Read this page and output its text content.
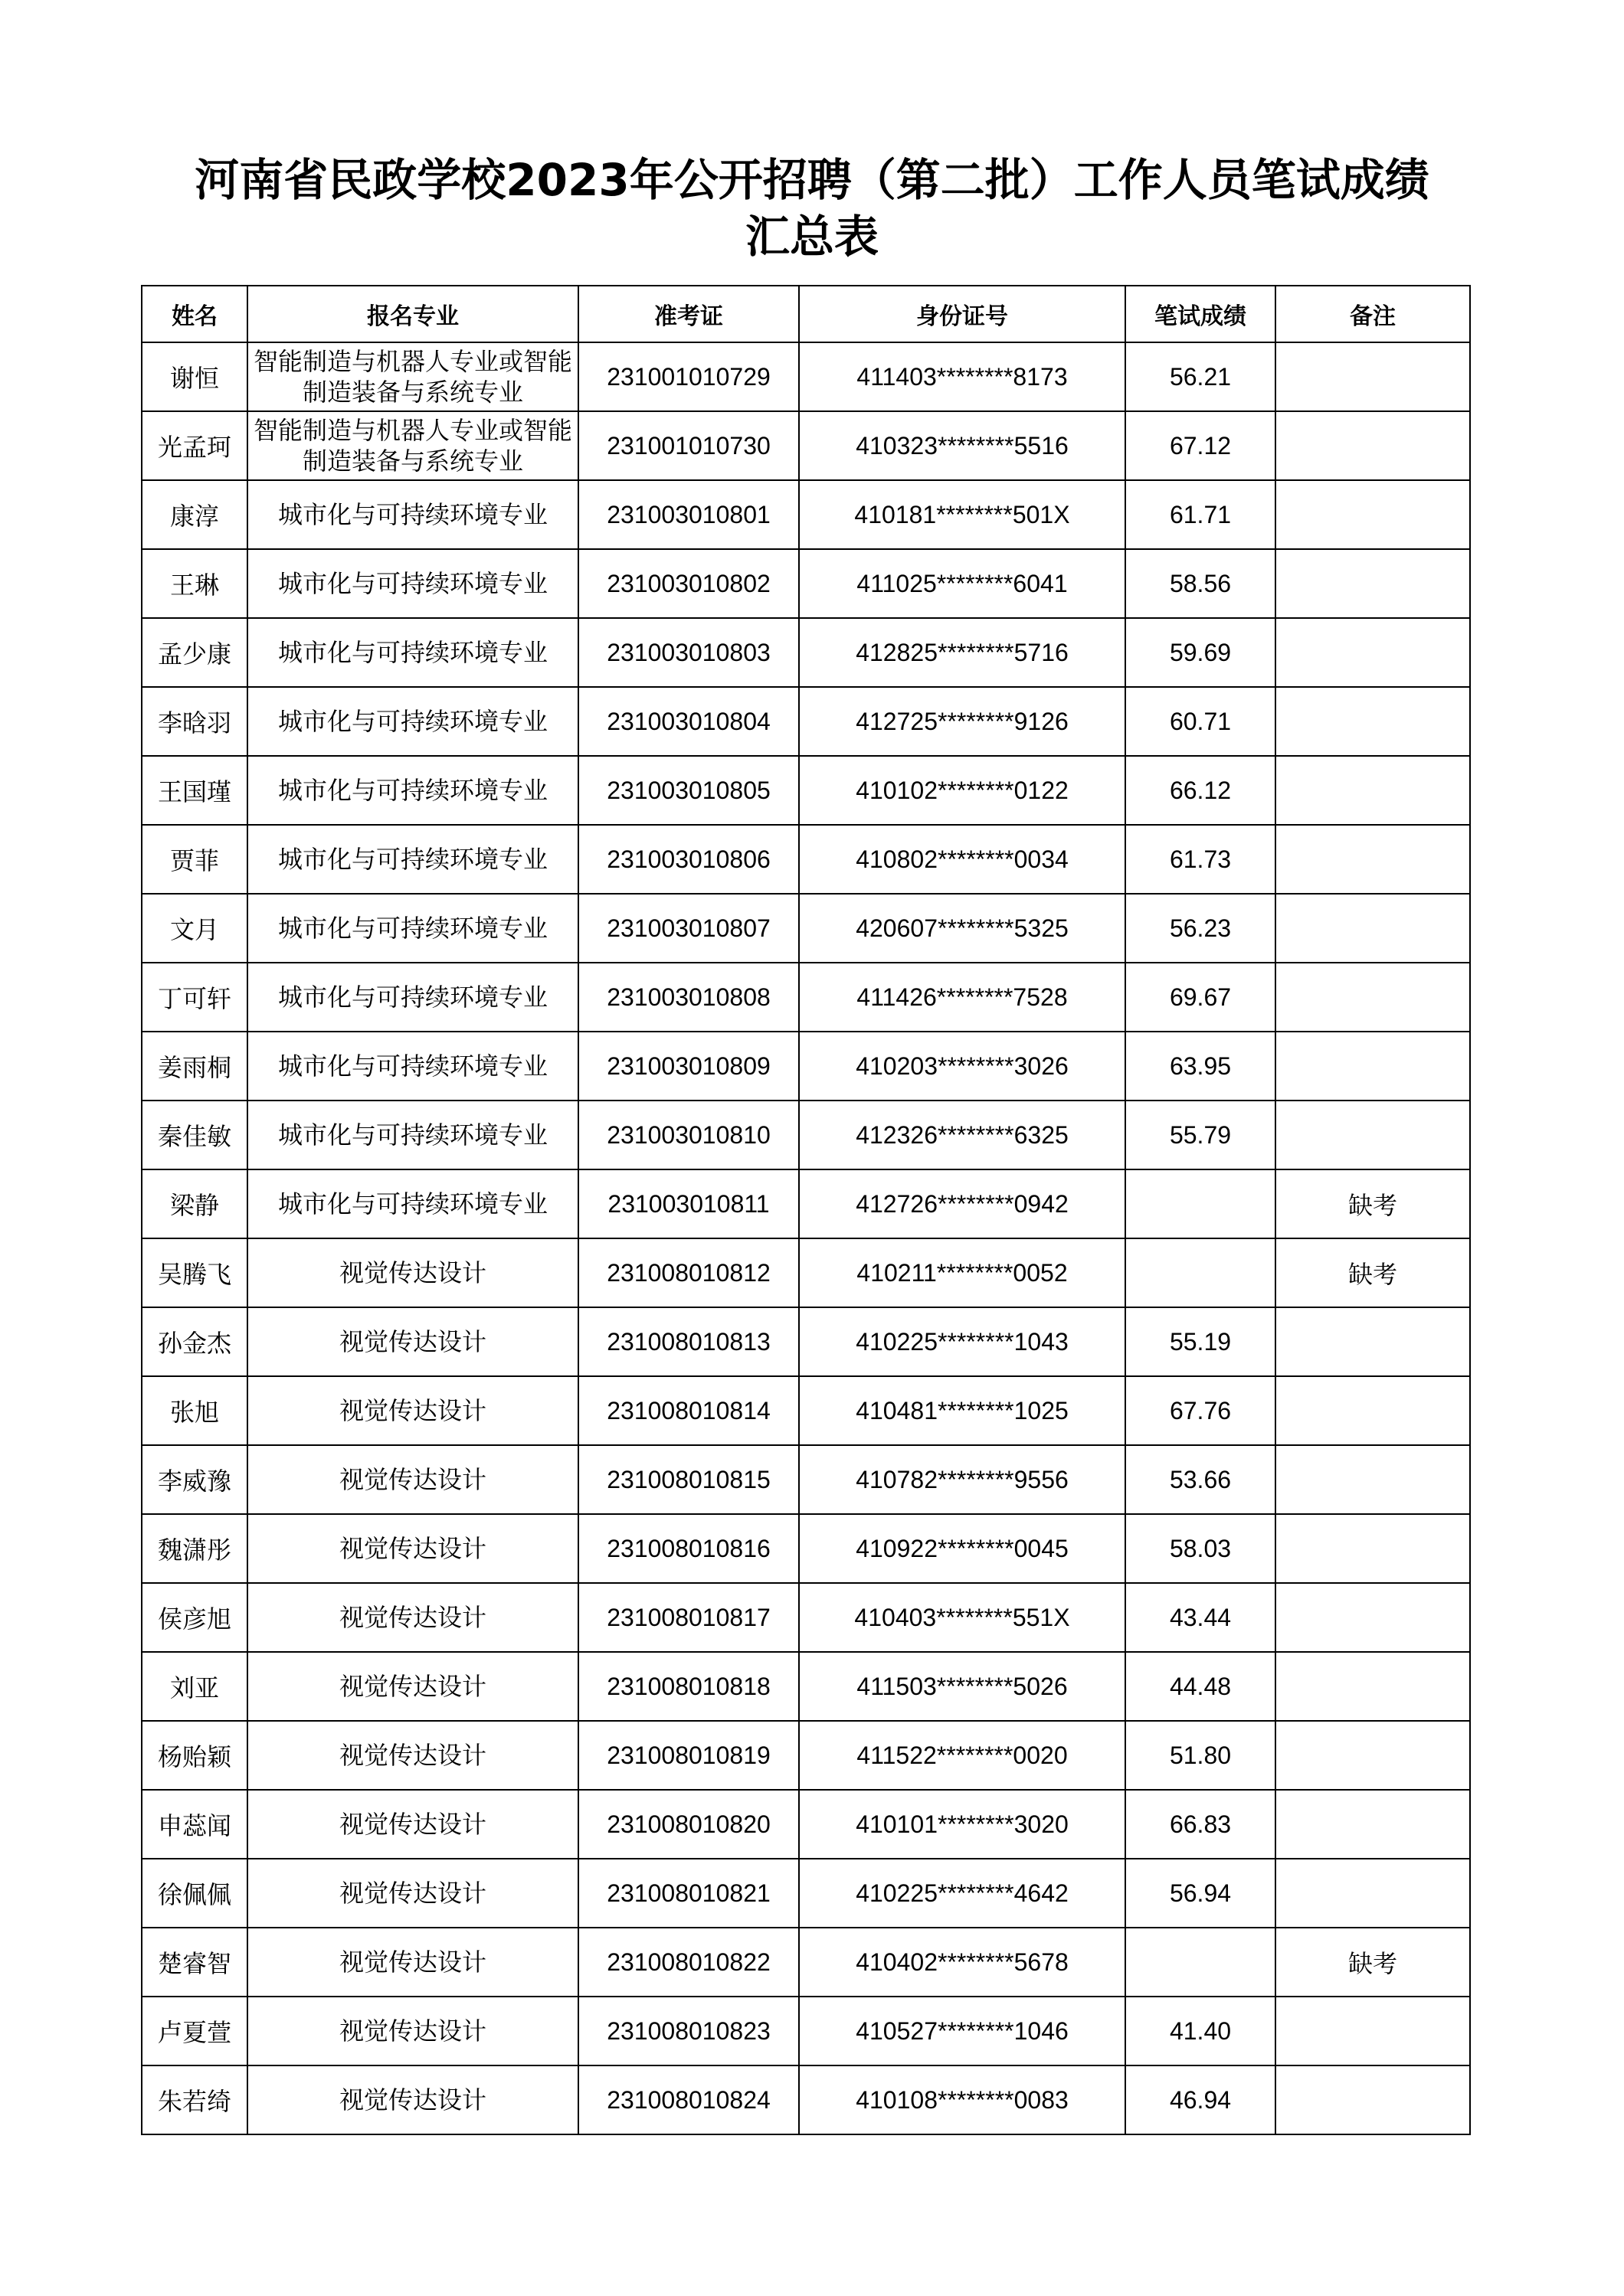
河南省民政学校2023年公开招聘（第二批）工作人员笔试成绩
汇总表
姓名	报名专业	准考证	身份证号	笔试成绩	备注
谢恒	智能制造与机器人专业或智能制造装备与系统专业	231001010729	411403********8173	56.21	
光孟珂	智能制造与机器人专业或智能制造装备与系统专业	231001010730	410323********5516	67.12	
康淳	城市化与可持续环境专业	231003010801	410181********501X	61.71	
王琳	城市化与可持续环境专业	231003010802	411025********6041	58.56	
孟少康	城市化与可持续环境专业	231003010803	412825********5716	59.69	
李晗羽	城市化与可持续环境专业	231003010804	412725********9126	60.71	
王国瑾	城市化与可持续环境专业	231003010805	410102********0122	66.12	
贾菲	城市化与可持续环境专业	231003010806	410802********0034	61.73	
文月	城市化与可持续环境专业	231003010807	420607********5325	56.23	
丁可轩	城市化与可持续环境专业	231003010808	411426********7528	69.67	
姜雨桐	城市化与可持续环境专业	231003010809	410203********3026	63.95	
秦佳敏	城市化与可持续环境专业	231003010810	412326********6325	55.79	
梁静	城市化与可持续环境专业	231003010811	412726********0942		缺考
吴腾飞	视觉传达设计	231008010812	410211********0052		缺考
孙金杰	视觉传达设计	231008010813	410225********1043	55.19	
张旭	视觉传达设计	231008010814	410481********1025	67.76	
李威豫	视觉传达设计	231008010815	410782********9556	53.66	
魏潇彤	视觉传达设计	231008010816	410922********0045	58.03	
侯彦旭	视觉传达设计	231008010817	410403********551X	43.44	
刘亚	视觉传达设计	231008010818	411503********5026	44.48	
杨贻颖	视觉传达设计	231008010819	411522********0020	51.80	
申蕊闻	视觉传达设计	231008010820	410101********3020	66.83	
徐佩佩	视觉传达设计	231008010821	410225********4642	56.94	
楚睿智	视觉传达设计	231008010822	410402********5678		缺考
卢夏萱	视觉传达设计	231008010823	410527********1046	41.40	
朱若绮	视觉传达设计	231008010824	410108********0083	46.94	
